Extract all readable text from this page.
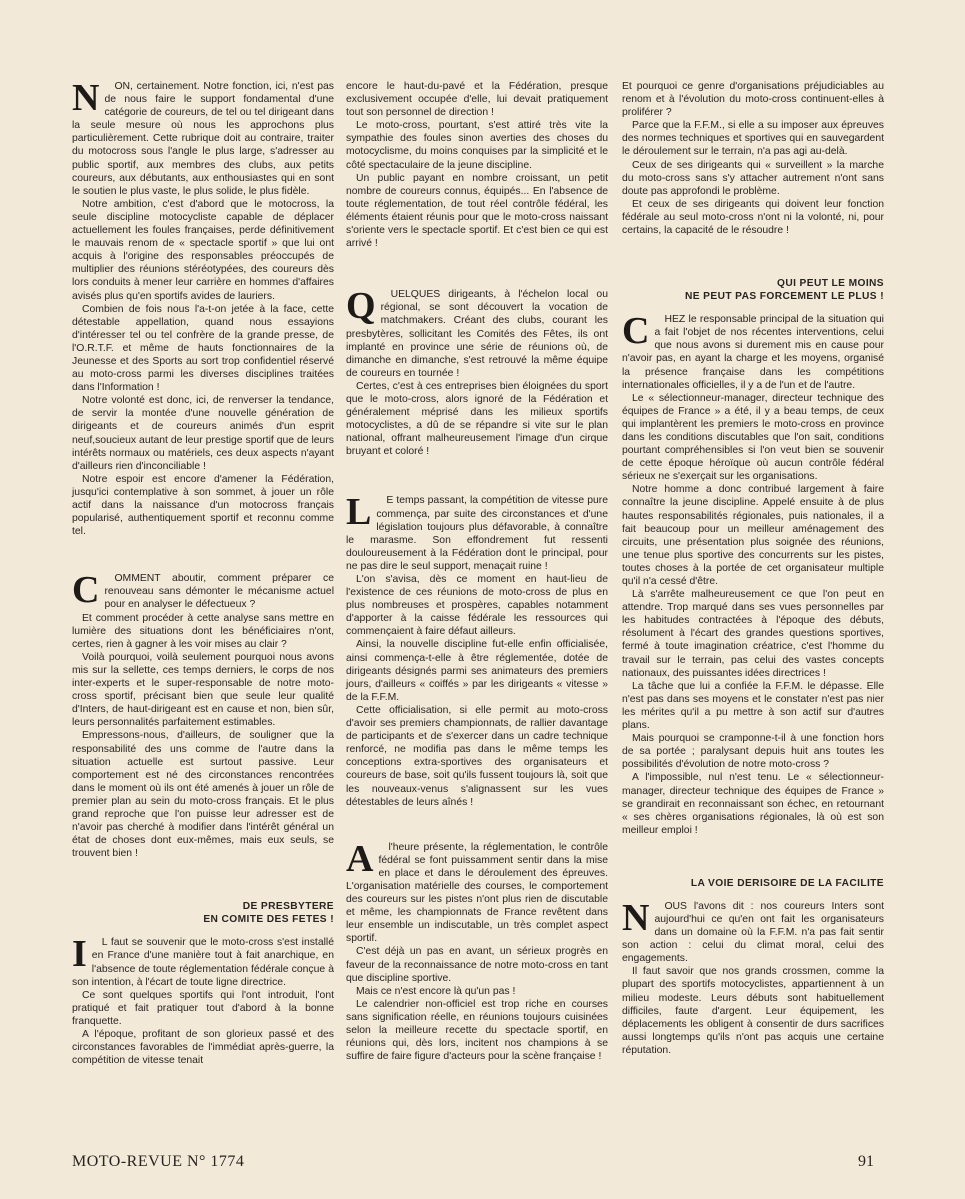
N	ON, certainement. Notre fonction, ici, n'est pas de nous faire le support fondamental d'une catégorie de coureurs, de tel ou tel dirigeant dans la seule mesure où nous les approchons plus particulièrement. Cette rubrique doit au contraire, traiter du motocross sous l'angle le plus large, s'adresser au public sportif, aux membres des clubs, aux petits coureurs, aux débutants, aux enthousiastes qui en sont le soutien le plus vaste, le plus solide, le plus fidèle.

Notre ambition, c'est d'abord que le motocross, la seule discipline motocycliste capable de déplacer actuellement les foules françaises, perde définitivement le mauvais renom de « spectacle sportif » que lui ont acquis à l'origine des responsables préoccupés de multiplier des réunions stéréotypées, des coureurs dès lors conduits à mener leur carrière en hommes d'affaires avisés plus qu'en sportifs avides de lauriers.

Combien de fois nous l'a-t-on jetée à la face, cette détestable appellation, quand nous essayions d'intéresser tel ou tel confrère de la grande presse, de l'O.R.T.F. et même de hauts fonctionnaires de la Jeunesse et des Sports au sort trop confidentiel réservé au moto-cross parmi les diverses disciplines traitées dans l'Information !

Notre volonté est donc, ici, de renverser la tendance, de servir la montée d'une nouvelle génération de dirigeants et de coureurs animés d'un esprit neuf,soucieux autant de leur prestige sportif que de leurs intérêts normaux ou matériels, ces deux aspects n'ayant d'ailleurs rien d'inconciliable !

Notre espoir est encore d'amener la Fédération, jusqu'ici contemplative à son sommet, à jouer un rôle actif dans la naissance d'un motocross français popularisé, authentiquement sportif et reconnu comme tel.

C	OMMENT aboutir, comment préparer ce renouveau sans démonter le mécanisme actuel pour en analyser le défectueux ?

Et comment procéder à cette analyse sans mettre en lumière des situations dont les bénéficiaires n'ont, certes, rien à gagner à les voir mises au clair ?

Voilà pourquoi, voilà seulement pourquoi nous avons mis sur la sellette, ces temps derniers, le corps de nos inter-experts et le super-responsable de notre moto-cross sportif, précisant bien que seule leur qualité d'Inters, de haut-dirigeant est en cause et non, bien sûr, leurs personnalités parfaitement estimables.

Empressons-nous, d'ailleurs, de souligner que la responsabilité des uns comme de l'autre dans la situation actuelle est surtout passive. Leur comportement est né des circonstances rencontrées dans le moment où ils ont été amenés à jouer un rôle de premier plan au sein du moto-cross français. Et le plus grand reproche que l'on puisse leur adresser est de n'avoir pas cherché à modifier dans l'intérêt général un état de choses dont eux-mêmes, mais eux seuls, se trouvent bien !

DE PRESBYTERE

EN COMITE DES FETES !

I	L faut se souvenir que le moto-cross s'est installé en France d'une manière tout à fait anarchique, en l'absence de toute réglementation fédérale conçue à son intention, à l'écart de toute ligne directrice.

Ce sont quelques sportifs qui l'ont introduit, l'ont pratiqué et fait pratiquer tout d'abord à la bonne franquette.

A l'époque, profitant de son glorieux passé et des circonstances favorables de l'immédiat après-guerre, la compétition de vitesse tenait

encore le haut-du-pavé et la Fédération, presque exclusivement occupée d'elle, lui devait pratiquement tout son personnel de direction !

Le moto-cross, pourtant, s'est attiré très vite la sympathie des foules sinon averties des choses du motocyclisme, du moins conquises par la simplicité et le côté spectaculaire de la jeune discipline.

Un public payant en nombre croissant, un petit nombre de coureurs connus, équipés... En l'absence de toute réglementation, de tout réel contrôle fédéral, les éléments étaient réunis pour que le moto-cross naissant s'oriente vers le spectacle sportif. Et c'est bien ce qui est arrivé !

Q	UELQUES dirigeants, à l'échelon local ou régional, se sont découvert la vocation de matchmakers. Créant des clubs, courant les presbytères, sollicitant les Comités des Fêtes, ils ont implanté en province une série de réunions où, de dimanche en dimanche, s'est retrouvé la même équipe de coureurs en tournée !

Certes, c'est à ces entreprises bien éloignées du sport que le moto-cross, alors ignoré de la Fédération et généralement méprisé dans les milieux sportifs motocyclistes, a dû de se répandre si vite sur le plan national, offrant malheureusement l'image d'un cirque bruyant et coloré !

L	E temps passant, la compétition de vitesse pure commença, par suite des circonstances et d'une législation toujours plus défavorable, à connaître le marasme. Son effondrement fut ressenti douloureusement à la Fédération dont le principal, pour ne pas dire le seul support, menaçait ruine !

L'on s'avisa, dès ce moment en haut-lieu de l'existence de ces réunions de moto-cross de plus en plus nombreuses et prospères, capables notamment d'apporter à la caisse fédérale les ressources qui commençaient à faire défaut ailleurs.

Ainsi, la nouvelle discipline fut-elle enfin officialisée, ainsi commença-t-elle à être réglementée, dotée de dirigeants désignés parmi ses animateurs des premiers jours, d'ailleurs « coiffés » par les dirigeants « vitesse » de la F.F.M.

Cette officialisation, si elle permit au moto-cross d'avoir ses premiers championnats, de rallier davantage de participants et de s'exercer dans un cadre technique renforcé, ne modifia pas dans le même temps les conceptions extra-sportives des organisateurs et coureurs de base, soit qu'ils fussent toujours là, soit que les nouveaux-venus s'alignassent sur les vues détestables de leurs aînés !

A	l'heure présente, la réglementation, le contrôle fédéral se font puissamment sentir dans la mise en place et dans le déroulement des épreuves. L'organisation matérielle des courses, le comportement des coureurs sur les pistes n'ont plus rien de discutable et même, les championnats de France revêtent dans leur ensemble un indiscutable, un très complet aspect sportif.

C'est déjà un pas en avant, un sérieux progrès en faveur de la reconnaissance de notre moto-cross en tant que discipline sportive.

Mais ce n'est encore là qu'un pas !

Le calendrier non-officiel est trop riche en courses sans signification réelle, en réunions toujours cuisinées selon la meilleure recette du spectacle sportif, en réunions qui, dès lors, incitent nos champions à se suffire de faire figure d'acteurs pour la scène française !

Et pourquoi ce genre d'organisations préjudiciables au renom et à l'évolution du moto-cross continuent-elles à proliférer ?

Parce que la F.F.M., si elle a su imposer aux épreuves des normes techniques et sportives qui en sauvegardent le déroulement sur le terrain, n'a pas agi au-delà.

Ceux de ses dirigeants qui « surveillent » la marche du moto-cross sans s'y attacher autrement n'ont sans doute pas approfondi le problème.

Et ceux de ses dirigeants qui doivent leur fonction fédérale au seul moto-cross n'ont ni la volonté, ni, pour certains, la capacité de le résoudre !

QUI PEUT LE MOINS

NE PEUT PAS FORCEMENT LE PLUS !

C	HEZ le responsable principal de la situation qui a fait l'objet de nos récentes interventions, celui que nous avons si durement mis en cause pour n'avoir pas, en ayant la charge et les moyens, organisé la présence française dans les compétitions internationales officielles, il y a de l'un et de l'autre.

Le « sélectionneur-manager, directeur technique des équipes de France » a été, il y a beau temps, de ceux qui implantèrent les premiers le moto-cross en province dans les conditions discutables que l'on sait, conditions pourtant compréhensibles si l'on veut bien se souvenir de cette époque héroïque où aucun contrôle fédéral sérieux ne s'exerçait sur les organisations.

Notre homme a donc contribué largement à faire connaître la jeune discipline. Appelé ensuite à de plus hautes responsabilités régionales, puis nationales, il a fait beaucoup pour un meilleur aménagement des circuits, une présentation plus soignée des réunions, une tenue plus sportive des concurrents sur les pistes, toutes choses à la portée de cet organisateur multiple qu'il n'a cessé d'être.

Là s'arrête malheureusement ce que l'on peut en attendre. Trop marqué dans ses vues personnelles par les habitudes contractées à l'époque des débuts, résolument à l'écart des grandes questions sportives, fermé à toute imagination créatrice, c'est l'homme du travail sur le terrain, pas celui des vastes concepts nationaux, des puissantes idées directrices !

La tâche que lui a confiée la F.F.M. le dépasse. Elle n'est pas dans ses moyens et le constater n'est pas nier les mérites qu'il a pu mettre à son actif sur d'autres plans.

Mais pourquoi se cramponne-t-il à une fonction hors de sa portée ; paralysant depuis huit ans toutes les possibilités d'évolution de notre moto-cross ?

A l'impossible, nul n'est tenu. Le « sélectionneur-manager, directeur technique des équipes de France » se grandirait en reconnaissant son échec, en retournant « ses chères organisations régionales, là où est son meilleur emploi !

LA VOIE DERISOIRE DE LA FACILITE

N	OUS l'avons dit : nos coureurs Inters sont aujourd'hui ce qu'en ont fait les organisateurs dans un domaine où la F.F.M. n'a pas fait sentir son action : celui du climat moral, celui des engagements.

Il faut savoir que nos grands crossmen, comme la plupart des sportifs motocyclistes, appartiennent à un milieu modeste. Leurs débuts sont habituellement difficiles, faute d'argent. Leur équipement, les déplacements les obligent à consentir de durs sacrifices aussi longtemps qu'ils n'ont pas acquis une certaine réputation.

MOTO-REVUE N° 1774	91
